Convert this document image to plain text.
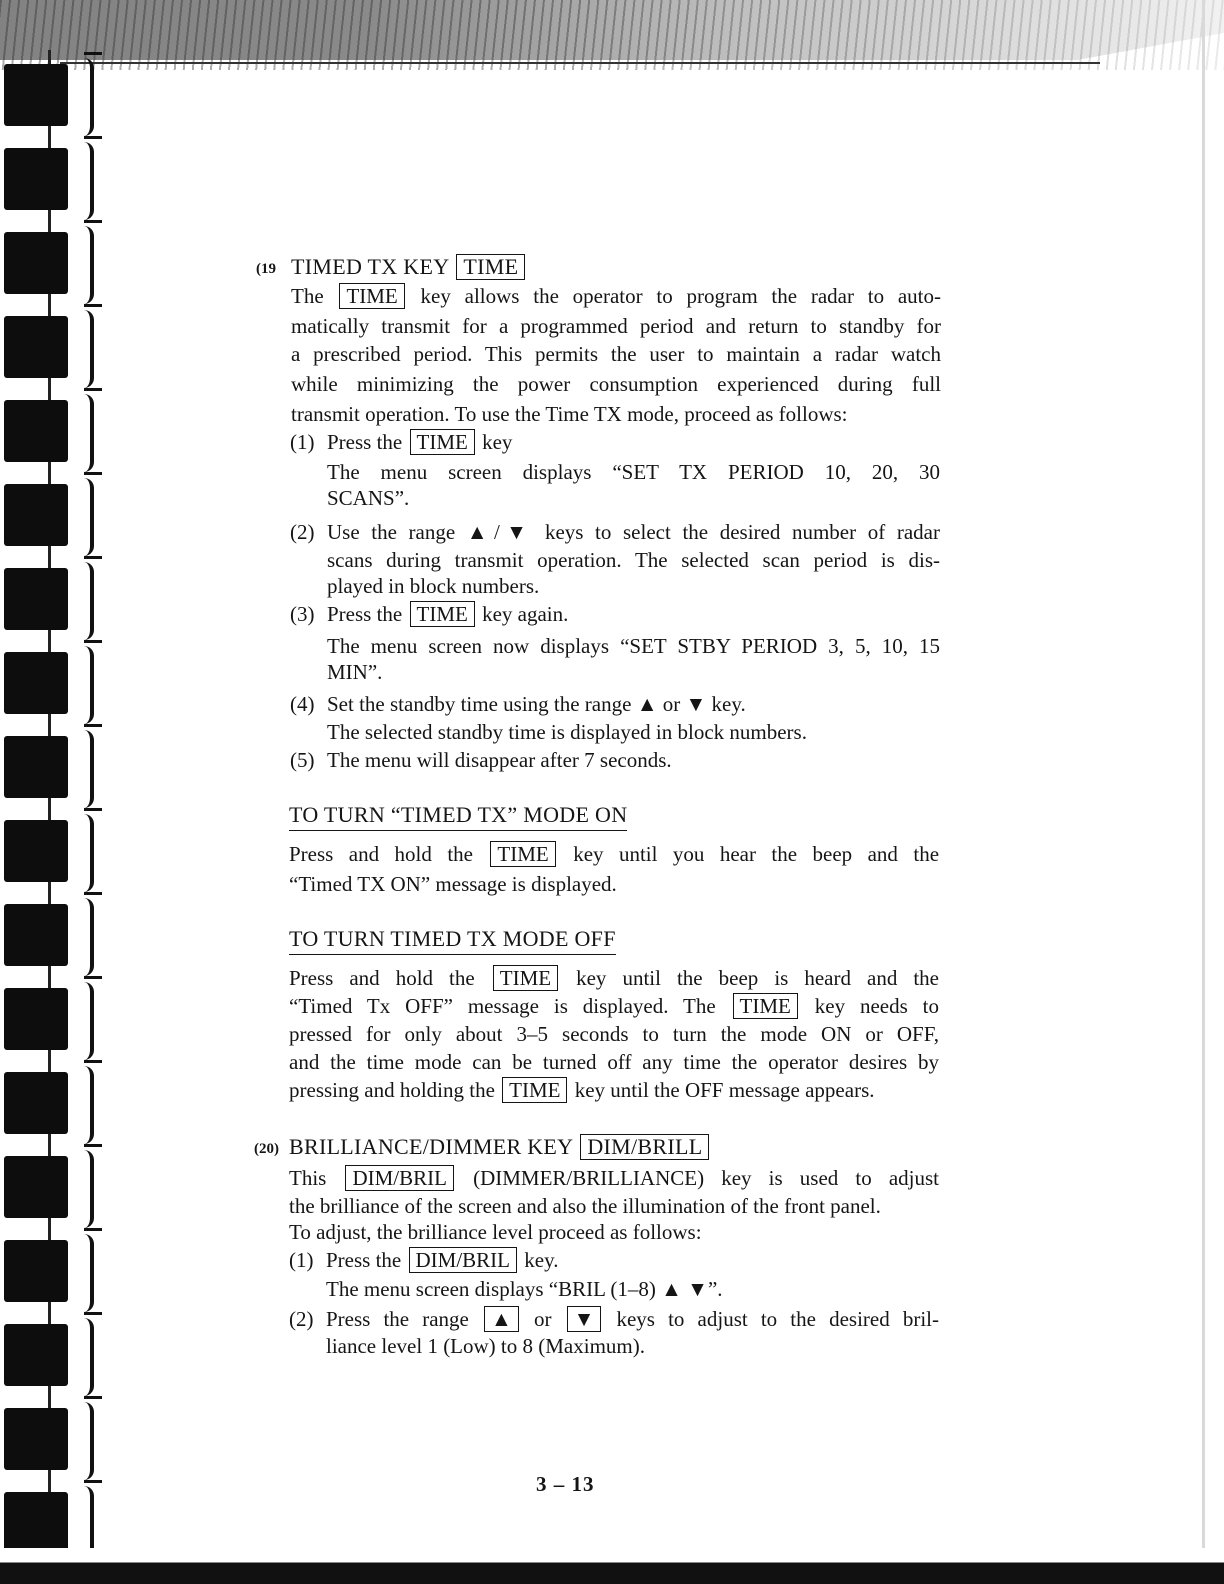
(19 TIMED TX KEY TIME
The TIME key allows the operator to program the radar to auto-
matically transmit for a programmed period and return to standby for
a prescribed period. This permits the user to maintain a radar watch
while minimizing the power consumption experienced during full
transmit operation. To use the Time TX mode, proceed as follows:
(1) Press the TIME key
The menu screen displays “SET TX PERIOD 10, 20, 30
SCANS”.
(2) Use the range ▲/▼ keys to select the desired number of radar
scans during transmit operation. The selected scan period is dis-
played in block numbers.
(3) Press the TIME key again.
The menu screen now displays “SET STBY PERIOD 3, 5, 10, 15
MIN”.
(4) Set the standby time using the range ▲ or ▼ key.
The selected standby time is displayed in block numbers.
(5) The menu will disappear after 7 seconds.
TO TURN “TIMED TX” MODE ON
Press and hold the TIME key until you hear the beep and the
“Timed TX ON” message is displayed.
TO TURN TIMED TX MODE OFF
Press and hold the TIME key until the beep is heard and the
“Timed Tx OFF” message is displayed. The TIME key needs to
pressed for only about 3–5 seconds to turn the mode ON or OFF,
and the time mode can be turned off any time the operator desires by
pressing and holding the TIME key until the OFF message appears.
(20) BRILLIANCE/DIMMER KEY DIM/BRILL
This DIM/BRIL (DIMMER/BRILLIANCE) key is used to adjust
the brilliance of the screen and also the illumination of the front panel.
To adjust, the brilliance level proceed as follows:
(1) Press the DIM/BRIL key.
The menu screen displays “BRIL (1–8) ▲ ▼”.
(2) Press the range ▲ or ▼ keys to adjust to the desired bril-
liance level 1 (Low) to 8 (Maximum).
3 – 13
